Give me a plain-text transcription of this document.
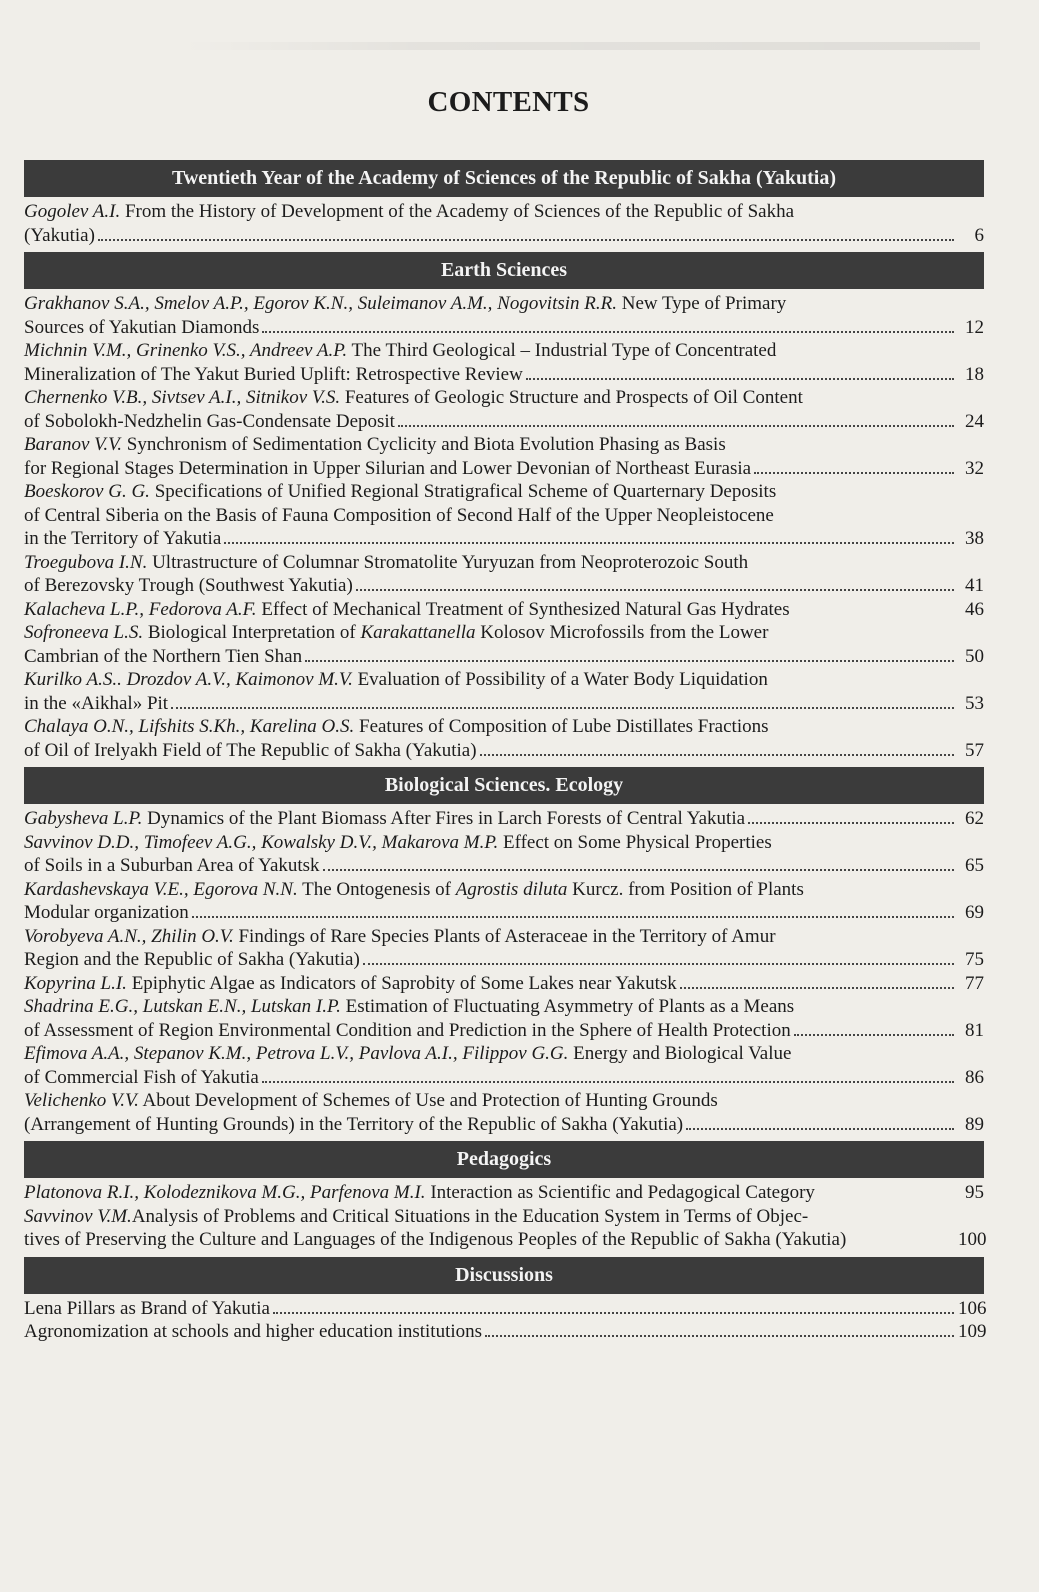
CONTENTS
Twentieth Year of the Academy of Sciences of the Republic of Sakha (Yakutia)
Gogolev A.I. From the History of Development of the Academy of Sciences of the Republic of Sakha
(Yakutia)	6
Earth Sciences
Grakhanov S.A., Smelov A.P., Egorov K.N., Suleimanov A.M., Nogovitsin R.R. New Type of Primary
Sources of Yakutian Diamonds	12
Michnin V.M., Grinenko V.S., Andreev A.P. The Third Geological – Industrial Type of Concentrated
Mineralization of The Yakut Buried Uplift: Retrospective Review	18
Chernenko V.B., Sivtsev A.I., Sitnikov V.S. Features of Geologic Structure and Prospects of Oil Content
of Sobolokh-Nedzhelin Gas-Condensate Deposit	24
Baranov V.V. Synchronism of Sedimentation Cyclicity and Biota Evolution Phasing as Basis
for Regional Stages Determination in Upper Silurian and Lower Devonian of Northeast Eurasia	32
Boeskorov G. G. Specifications of Unified Regional Stratigrafical Scheme of Quarternary Deposits
of Central Siberia on the Basis of Fauna Composition of Second Half of the Upper Neopleistocene
in the Territory of Yakutia	38
Troegubova I.N. Ultrastructure of Columnar Stromatolite Yuryuzan from Neoproterozoic South
of Berezovsky Trough (Southwest Yakutia)	41
Kalacheva L.P., Fedorova A.F. Effect of Mechanical Treatment of Synthesized Natural Gas Hydrates	46
Sofroneeva L.S. Biological Interpretation of Karakattanella Kolosov Microfossils from the Lower
Cambrian of the Northern Tien Shan	50
Kurilko A.S.. Drozdov A.V., Kaimonov M.V. Evaluation of Possibility of a Water Body Liquidation
in the «Aikhal» Pit	53
Chalaya O.N., Lifshits S.Kh., Karelina O.S. Features of Composition of Lube Distillates Fractions
of Oil of Irelyakh Field of The Republic of Sakha (Yakutia)	57
Biological Sciences. Ecology
Gabysheva L.P. Dynamics of the Plant Biomass After Fires in Larch Forests of Central Yakutia	62
Savvinov D.D., Timofeev A.G., Kowalsky D.V., Makarova M.P. Effect on Some Physical Properties
of Soils in a Suburban Area of Yakutsk	65
Kardashevskaya V.E., Egorova N.N. The Ontogenesis of Agrostis diluta Kurcz. from Position of Plants
Modular organization	69
Vorobyeva A.N., Zhilin O.V. Findings of Rare Species Plants of Asteraceae in the Territory of Amur
Region and the Republic of Sakha (Yakutia)	75
Kopyrina L.I. Epiphytic Algae as Indicators of Saprobity of Some Lakes near Yakutsk	77
Shadrina E.G., Lutskan E.N., Lutskan I.P. Estimation of Fluctuating Asymmetry of Plants as a Means
of Assessment of Region Environmental Condition and Prediction in the Sphere of Health Protection	81
Efimova A.A., Stepanov K.M., Petrova L.V., Pavlova A.I., Filippov G.G. Energy and Biological Value
of Commercial Fish of Yakutia	86
Velichenko V.V. About Development of Schemes of Use and Protection of Hunting Grounds
(Arrangement of Hunting Grounds) in the Territory of the Republic of Sakha (Yakutia)	89
Pedagogics
Platonova R.I., Kolodeznikova M.G., Parfenova M.I. Interaction as Scientific and Pedagogical Category	95
Savvinov V.M.Analysis of Problems and Critical Situations in the Education System in Terms of Objec-
tives of Preserving the Culture and Languages of the Indigenous Peoples of the Republic of Sakha (Yakutia)	100
Discussions
Lena Pillars as Brand of Yakutia	106
Agronomization at schools and higher education institutions	109
